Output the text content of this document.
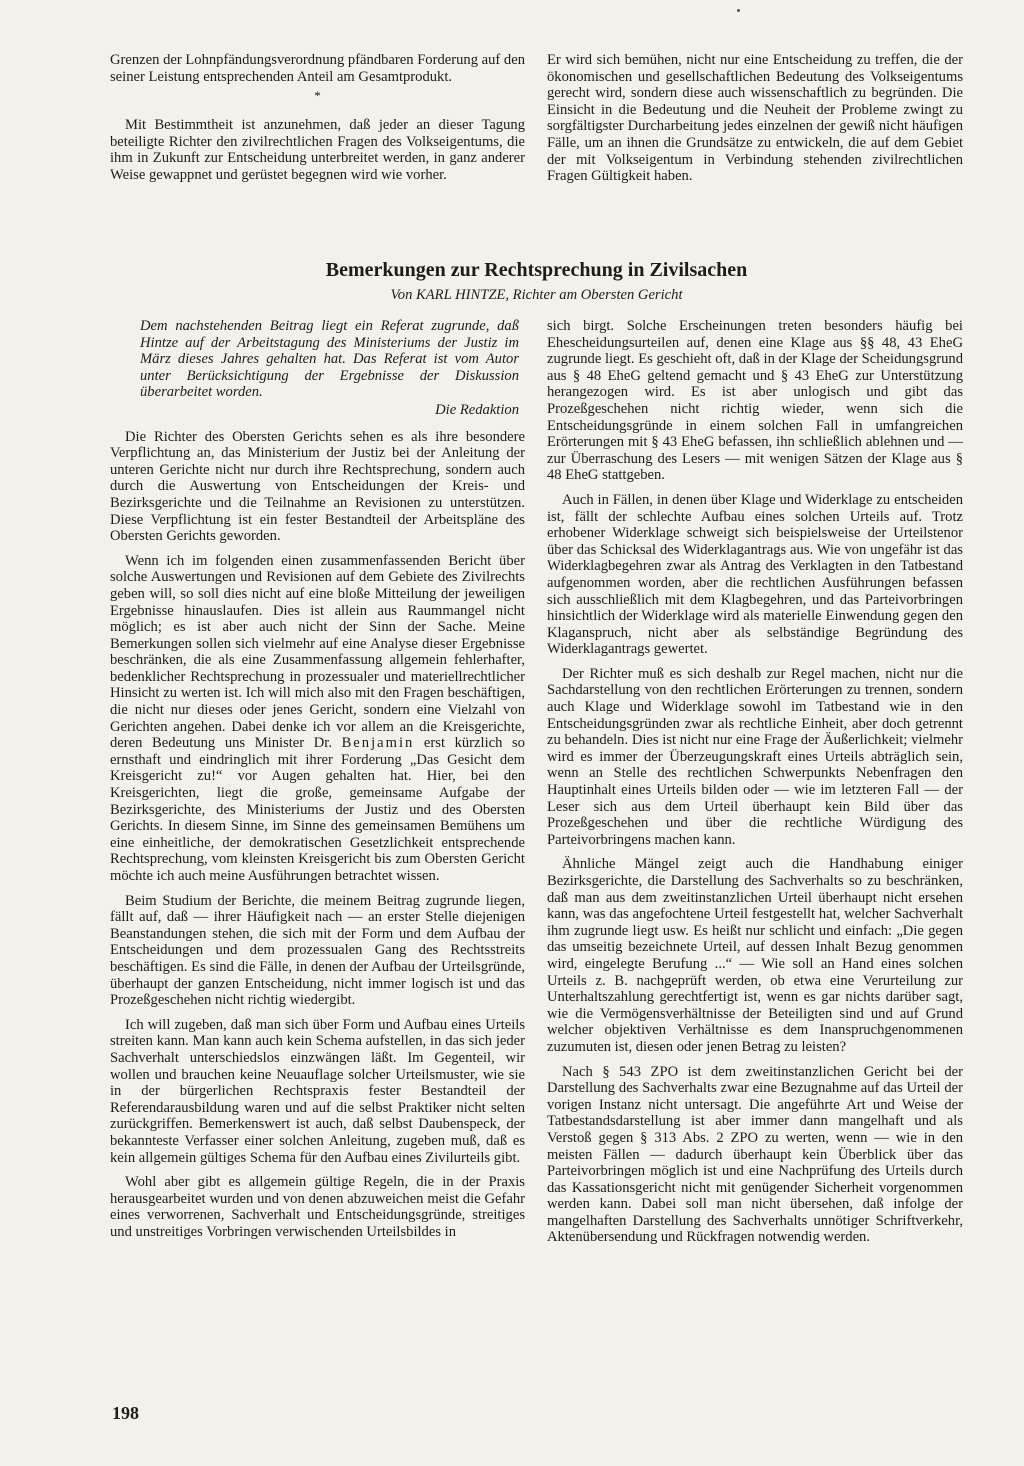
Grenzen der Lohnpfändungsverordnung pfändbaren Forderung auf den seiner Leistung entsprechenden Anteil am Gesamtprodukt.

*

Mit Bestimmtheit ist anzunehmen, daß jeder an dieser Tagung beteiligte Richter den zivilrechtlichen Fragen des Volkseigentums, die ihm in Zukunft zur Entscheidung unterbreitet werden, in ganz anderer Weise gewappnet und gerüstet begegnen wird wie vorher.

Er wird sich bemühen, nicht nur eine Entscheidung zu treffen, die der ökonomischen und gesellschaftlichen Bedeutung des Volkseigentums gerecht wird, sondern diese auch wissenschaftlich zu begründen. Die Einsicht in die Bedeutung und die Neuheit der Probleme zwingt zu sorgfältigster Durcharbeitung jedes einzelnen der gewiß nicht häufigen Fälle, um an ihnen die Grundsätze zu entwickeln, die auf dem Gebiet der mit Volkseigentum in Verbindung stehenden zivilrechtlichen Fragen Gültigkeit haben.

Bemerkungen zur Rechtsprechung in Zivilsachen
Von KARL HINTZE, Richter am Obersten Gericht
Dem nachstehenden Beitrag liegt ein Referat zugrunde, daß Hintze auf der Arbeitstagung des Ministeriums der Justiz im März dieses Jahres gehalten hat. Das Referat ist vom Autor unter Berücksichtigung der Ergebnisse der Diskussion überarbeitet worden.
Die Redaktion

Die Richter des Obersten Gerichts sehen es als ihre besondere Verpflichtung an, das Ministerium der Justiz bei der Anleitung der unteren Gerichte nicht nur durch ihre Rechtsprechung, sondern auch durch die Auswertung von Entscheidungen der Kreis- und Bezirksgerichte und die Teilnahme an Revisionen zu unterstützen. Diese Verpflichtung ist ein fester Bestandteil der Arbeitspläne des Obersten Gerichts geworden.

Wenn ich im folgenden einen zusammenfassenden Bericht über solche Auswertungen und Revisionen auf dem Gebiete des Zivilrechts geben will, so soll dies nicht auf eine bloße Mitteilung der jeweiligen Ergebnisse hinauslaufen. Dies ist allein aus Raummangel nicht möglich; es ist aber auch nicht der Sinn der Sache. Meine Bemerkungen sollen sich vielmehr auf eine Analyse dieser Ergebnisse beschränken, die als eine Zusammenfassung allgemein fehlerhafter, bedenklicher Rechtsprechung in prozessualer und materiellrechtlicher Hinsicht zu werten ist. Ich will mich also mit den Fragen beschäftigen, die nicht nur dieses oder jenes Gericht, sondern eine Vielzahl von Gerichten angehen. Dabei denke ich vor allem an die Kreisgerichte, deren Bedeutung uns Minister Dr. Benjamin erst kürzlich so ernsthaft und eindringlich mit ihrer Forderung „Das Gesicht dem Kreisgericht zu!“ vor Augen gehalten hat. Hier, bei den Kreisgerichten, liegt die große, gemeinsame Aufgabe der Bezirksgerichte, des Ministeriums der Justiz und des Obersten Gerichts. In diesem Sinne, im Sinne des gemeinsamen Bemühens um eine einheitliche, der demokratischen Gesetzlichkeit entsprechende Rechtsprechung, vom kleinsten Kreisgericht bis zum Obersten Gericht möchte ich auch meine Ausführungen betrachtet wissen.

Beim Studium der Berichte, die meinem Beitrag zugrunde liegen, fällt auf, daß — ihrer Häufigkeit nach — an erster Stelle diejenigen Beanstandungen stehen, die sich mit der Form und dem Aufbau der Entscheidungen und dem prozessualen Gang des Rechtsstreits beschäftigen. Es sind die Fälle, in denen der Aufbau der Urteilsgründe, überhaupt der ganzen Entscheidung, nicht immer logisch ist und das Prozeßgeschehen nicht richtig wiedergibt.

Ich will zugeben, daß man sich über Form und Aufbau eines Urteils streiten kann. Man kann auch kein Schema aufstellen, in das sich jeder Sachverhalt unterschiedslos einzwängen läßt. Im Gegenteil, wir wollen und brauchen keine Neuauflage solcher Urteilsmuster, wie sie in der bürgerlichen Rechtspraxis fester Bestandteil der Referendarausbildung waren und auf die selbst Praktiker nicht selten zurückgriffen. Bemerkenswert ist auch, daß selbst Daubenspeck, der bekannteste Verfasser einer solchen Anleitung, zugeben muß, daß es kein allgemein gültiges Schema für den Aufbau eines Zivilurteils gibt.

Wohl aber gibt es allgemein gültige Regeln, die in der Praxis herausgearbeitet wurden und von denen abzuweichen meist die Gefahr eines verworrenen, Sachverhalt und Entscheidungsgründe, streitiges und unstreitiges Vorbringen verwischenden Urteilsbildes in

sich birgt. Solche Erscheinungen treten besonders häufig bei Ehescheidungsurteilen auf, denen eine Klage aus §§ 48, 43 EheG zugrunde liegt. Es geschieht oft, daß in der Klage der Scheidungsgrund aus § 48 EheG geltend gemacht und § 43 EheG zur Unterstützung herangezogen wird. Es ist aber unlogisch und gibt das Prozeßgeschehen nicht richtig wieder, wenn sich die Entscheidungsgründe in einem solchen Fall in umfangreichen Erörterungen mit § 43 EheG befassen, ihn schließlich ablehnen und — zur Überraschung des Lesers — mit wenigen Sätzen der Klage aus § 48 EheG stattgeben.

Auch in Fällen, in denen über Klage und Widerklage zu entscheiden ist, fällt der schlechte Aufbau eines solchen Urteils auf. Trotz erhobener Widerklage schweigt sich beispielsweise der Urteilstenor über das Schicksal des Widerklagantrags aus. Wie von ungefähr ist das Widerklagbegehren zwar als Antrag des Verklagten in den Tatbestand aufgenommen worden, aber die rechtlichen Ausführungen befassen sich ausschließlich mit dem Klagbegehren, und das Parteivorbringen hinsichtlich der Widerklage wird als materielle Einwendung gegen den Klaganspruch, nicht aber als selbständige Begründung des Widerklagantrags gewertet.

Der Richter muß es sich deshalb zur Regel machen, nicht nur die Sachdarstellung von den rechtlichen Erörterungen zu trennen, sondern auch Klage und Widerklage sowohl im Tatbestand wie in den Entscheidungsgründen zwar als rechtliche Einheit, aber doch getrennt zu behandeln. Dies ist nicht nur eine Frage der Äußerlichkeit; vielmehr wird es immer der Überzeugungskraft eines Urteils abträglich sein, wenn an Stelle des rechtlichen Schwerpunkts Nebenfragen den Hauptinhalt eines Urteils bilden oder — wie im letzteren Fall — der Leser sich aus dem Urteil überhaupt kein Bild über das Prozeßgeschehen und über die rechtliche Würdigung des Parteivorbringens machen kann.

Ähnliche Mängel zeigt auch die Handhabung einiger Bezirksgerichte, die Darstellung des Sachverhalts so zu beschränken, daß man aus dem zweitinstanzlichen Urteil überhaupt nicht ersehen kann, was das angefochtene Urteil festgestellt hat, welcher Sachverhalt ihm zugrunde liegt usw. Es heißt nur schlicht und einfach: „Die gegen das umseitig bezeichnete Urteil, auf dessen Inhalt Bezug genommen wird, eingelegte Berufung ...“ — Wie soll an Hand eines solchen Urteils z. B. nachgeprüft werden, ob etwa eine Verurteilung zur Unterhaltszahlung gerechtfertigt ist, wenn es gar nichts darüber sagt, wie die Vermögensverhältnisse der Beteiligten sind und auf Grund welcher objektiven Verhältnisse es dem Inanspruchgenommenen zuzumuten ist, diesen oder jenen Betrag zu leisten?

Nach § 543 ZPO ist dem zweitinstanzlichen Gericht bei der Darstellung des Sachverhalts zwar eine Bezugnahme auf das Urteil der vorigen Instanz nicht untersagt. Die angeführte Art und Weise der Tatbestandsdarstellung ist aber immer dann mangelhaft und als Verstoß gegen § 313 Abs. 2 ZPO zu werten, wenn — wie in den meisten Fällen — dadurch überhaupt kein Überblick über das Parteivorbringen möglich ist und eine Nachprüfung des Urteils durch das Kassationsgericht nicht mit genügender Sicherheit vorgenommen werden kann. Dabei soll man nicht übersehen, daß infolge der mangelhaften Darstellung des Sachverhalts unnötiger Schriftverkehr, Aktenübersendung und Rückfragen notwendig werden.

198
